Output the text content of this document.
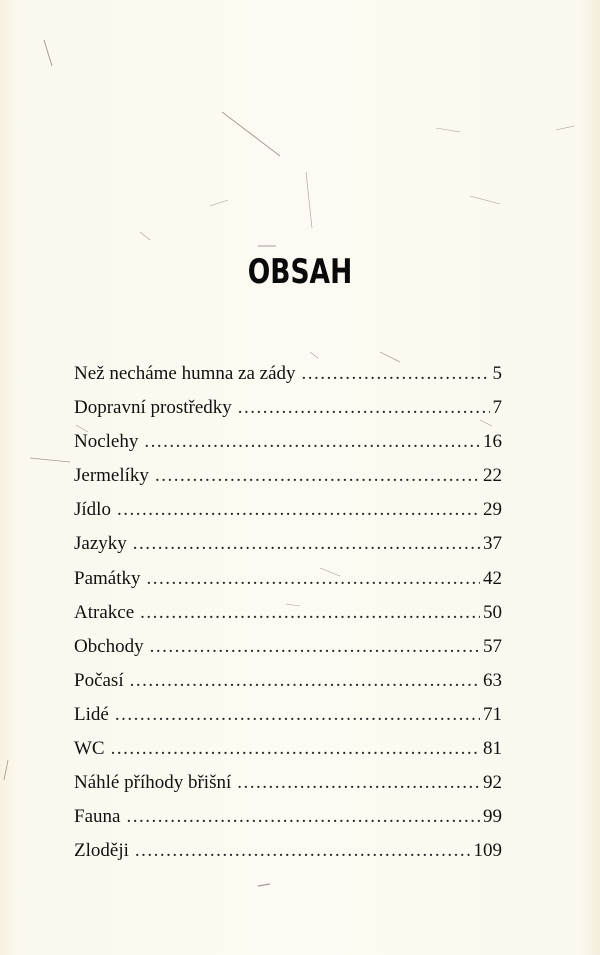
OBSAH
Než necháme humna za zády .....	5
Dopravní prostředky .....	7
Noclehy .....	16
Jermelíky .....	22
Jídlo .....	29
Jazyky .....	37
Památky .....	42
Atrakce .....	50
Obchody .....	57
Počasí .....	63
Lidé .....	71
WC .....	81
Náhlé příhody břišní .....	92
Fauna .....	99
Zloději .....	109
